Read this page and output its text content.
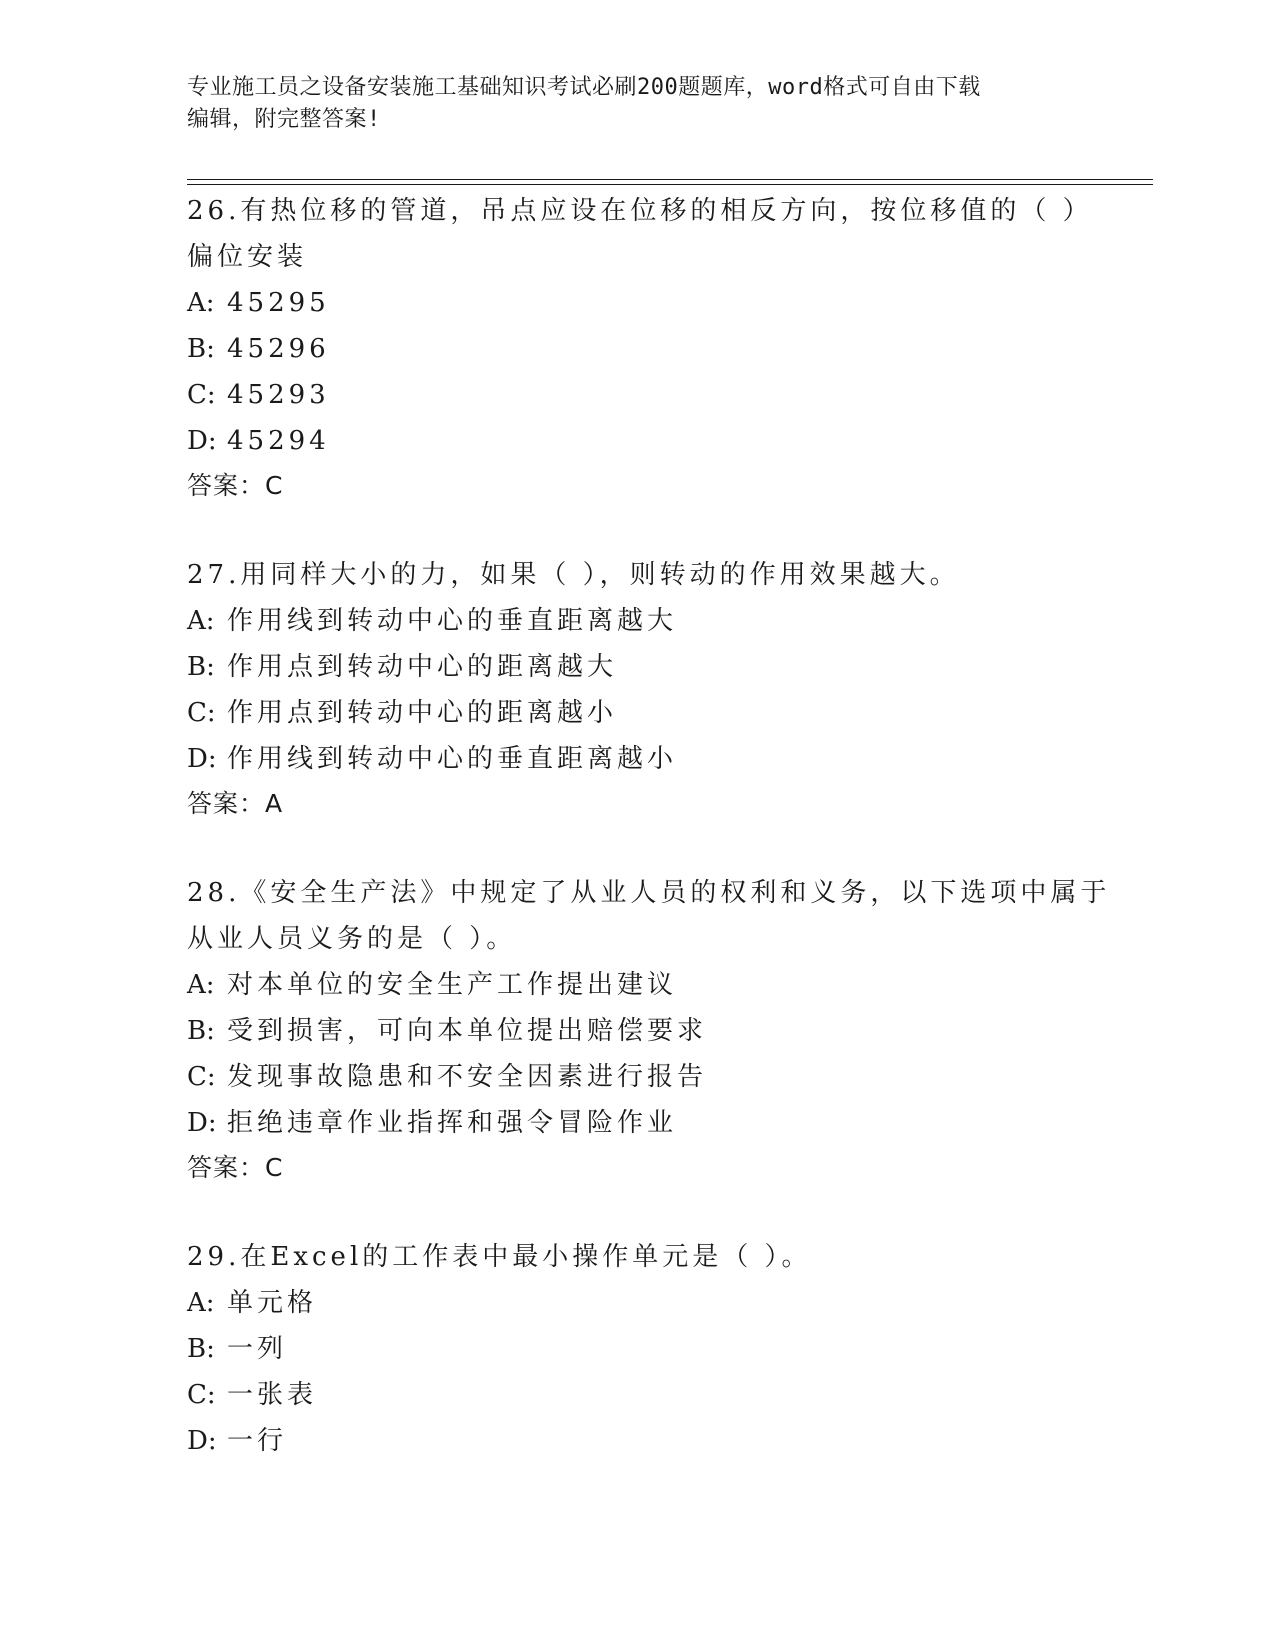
专业施工员之设备安装施工基础知识考试必刷200题题库，word格式可自由下载
编辑，附完整答案!
26.有热位移的管道，吊点应设在位移的相反方向，按位移值的（ ）
偏位安装
A: 45295
B: 45296
C: 45293
D: 45294
答案：C
27.用同样大小的力，如果（ ），则转动的作用效果越大。
A: 作用线到转动中心的垂直距离越大
B: 作用点到转动中心的距离越大
C: 作用点到转动中心的距离越小
D: 作用线到转动中心的垂直距离越小
答案：A
28.《安全生产法》中规定了从业人员的权利和义务，以下选项中属于
从业人员义务的是（ ）。
A: 对本单位的安全生产工作提出建议
B: 受到损害，可向本单位提出赔偿要求
C: 发现事故隐患和不安全因素进行报告
D: 拒绝违章作业指挥和强令冒险作业
答案：C
29.在Excel的工作表中最小操作单元是（ ）。
A: 单元格
B: 一列
C: 一张表
D: 一行
